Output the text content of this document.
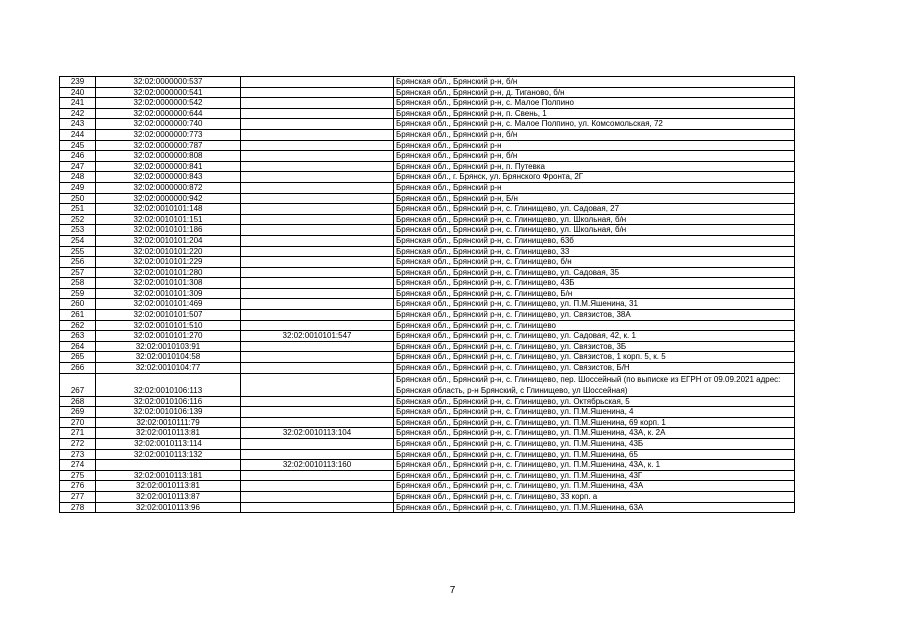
239	32:02:0000000:537		Брянская обл., Брянский р-н, б/н
240	32:02:0000000:541		Брянская обл., Брянский р-н, д. Тиганово, б/н
241	32:02:0000000:542		Брянская обл., Брянский р-н, с. Малое Полпино
242	32:02:0000000:644		Брянская обл., Брянский р-н, п. Свень, 1
243	32:02:0000000:740		Брянская обл., Брянский р-н, с. Малое Полпино, ул. Комсомольская, 72
244	32:02:0000000:773		Брянская обл., Брянский р-н, б/н
245	32:02:0000000:787		Брянская обл., Брянский р-н
246	32:02:0000000:808		Брянская обл., Брянский р-н, б/н
247	32:02:0000000:841		Брянская обл., Брянский р-н, п. Путевка
248	32:02:0000000:843		Брянская обл., г. Брянск, ул. Брянского Фронта, 2Г
249	32:02:0000000:872		Брянская обл., Брянский р-н
250	32:02:0000000:942		Брянская обл., Брянский р-н, Б/н
251	32:02:0010101:148		Брянская обл., Брянский р-н, с. Глинищево, ул. Садовая, 27
252	32:02:0010101:151		Брянская обл., Брянский р-н, с. Глинищево, ул. Школьная, б/н
253	32:02:0010101:186		Брянская обл., Брянский р-н, с. Глинищево, ул. Школьная, б/н
254	32:02:0010101:204		Брянская обл., Брянский р-н, с. Глинищево, 63б
255	32:02:0010101:220		Брянская обл., Брянский р-н, с. Глинищево, 33
256	32:02:0010101:229		Брянская обл., Брянский р-н, с. Глинищево, б/н
257	32:02:0010101:280		Брянская обл., Брянский р-н, с. Глинищево, ул. Садовая, 35
258	32:02:0010101:308		Брянская обл., Брянский р-н, с. Глинищево, 43Б
259	32:02:0010101:309		Брянская обл., Брянский р-н, с. Глинищево, Б/н
260	32:02:0010101:469		Брянская обл., Брянский р-н, с. Глинищево, ул. П.М.Яшенина, 31
261	32:02:0010101:507		Брянская обл., Брянский р-н, с. Глинищево, ул. Связистов, 38А
262	32:02:0010101:510		Брянская обл., Брянский р-н, с. Глинищево
263	32:02:0010101:270	32:02:0010101:547	Брянская обл., Брянский р-н, с. Глинищево, ул. Садовая, 42, к. 1
264	32:02:0010103:91		Брянская обл., Брянский р-н, с. Глинищево, ул. Связистов, 3Б
265	32:02:0010104:58		Брянская обл., Брянский р-н, с. Глинищево, ул. Связистов, 1 корп. 5, к. 5
266	32:02:0010104:77		Брянская обл., Брянский р-н, с. Глинищево, ул. Связистов, Б/Н
267	32:02:0010106:113		Брянская обл., Брянский р-н, с. Глинищево, пер. Шоссейный (по выписке из ЕГРН от 09.09.2021 адрес: Брянская область, р-н Брянский, с Глинищево, ул Шоссейная)
268	32:02:0010106:116		Брянская обл., Брянский р-н, с. Глинищево, ул. Октябрьская, 5
269	32:02:0010106:139		Брянская обл., Брянский р-н, с. Глинищево, ул. П.М.Яшенина, 4
270	32:02:0010111:79		Брянская обл., Брянский р-н, с. Глинищево, ул. П.М.Яшенина, 69 корп. 1
271	32:02:0010113:81	32:02:0010113:104	Брянская обл., Брянский р-н, с. Глинищево, ул. П.М.Яшенина, 43А, к. 2А
272	32:02:0010113:114		Брянская обл., Брянский р-н, с. Глинищево, ул. П.М.Яшенина, 43Б
273	32:02:0010113:132		Брянская обл., Брянский р-н, с. Глинищево, ул. П.М.Яшенина, 65
274		32:02:0010113:160	Брянская обл., Брянский р-н, с. Глинищево, ул. П.М.Яшенина, 43А, к. 1
275	32:02:0010113:181		Брянская обл., Брянский р-н, с. Глинищево, ул. П.М.Яшенина, 43Г
276	32:02:0010113:81		Брянская обл., Брянский р-н, с. Глинищево, ул. П.М.Яшенина, 43А
277	32:02:0010113:87		Брянская обл., Брянский р-н, с. Глинищево, 33 корп. а
278	32:02:0010113:96		Брянская обл., Брянский р-н, с. Глинищево, ул. П.М.Яшенина, 63А
7
